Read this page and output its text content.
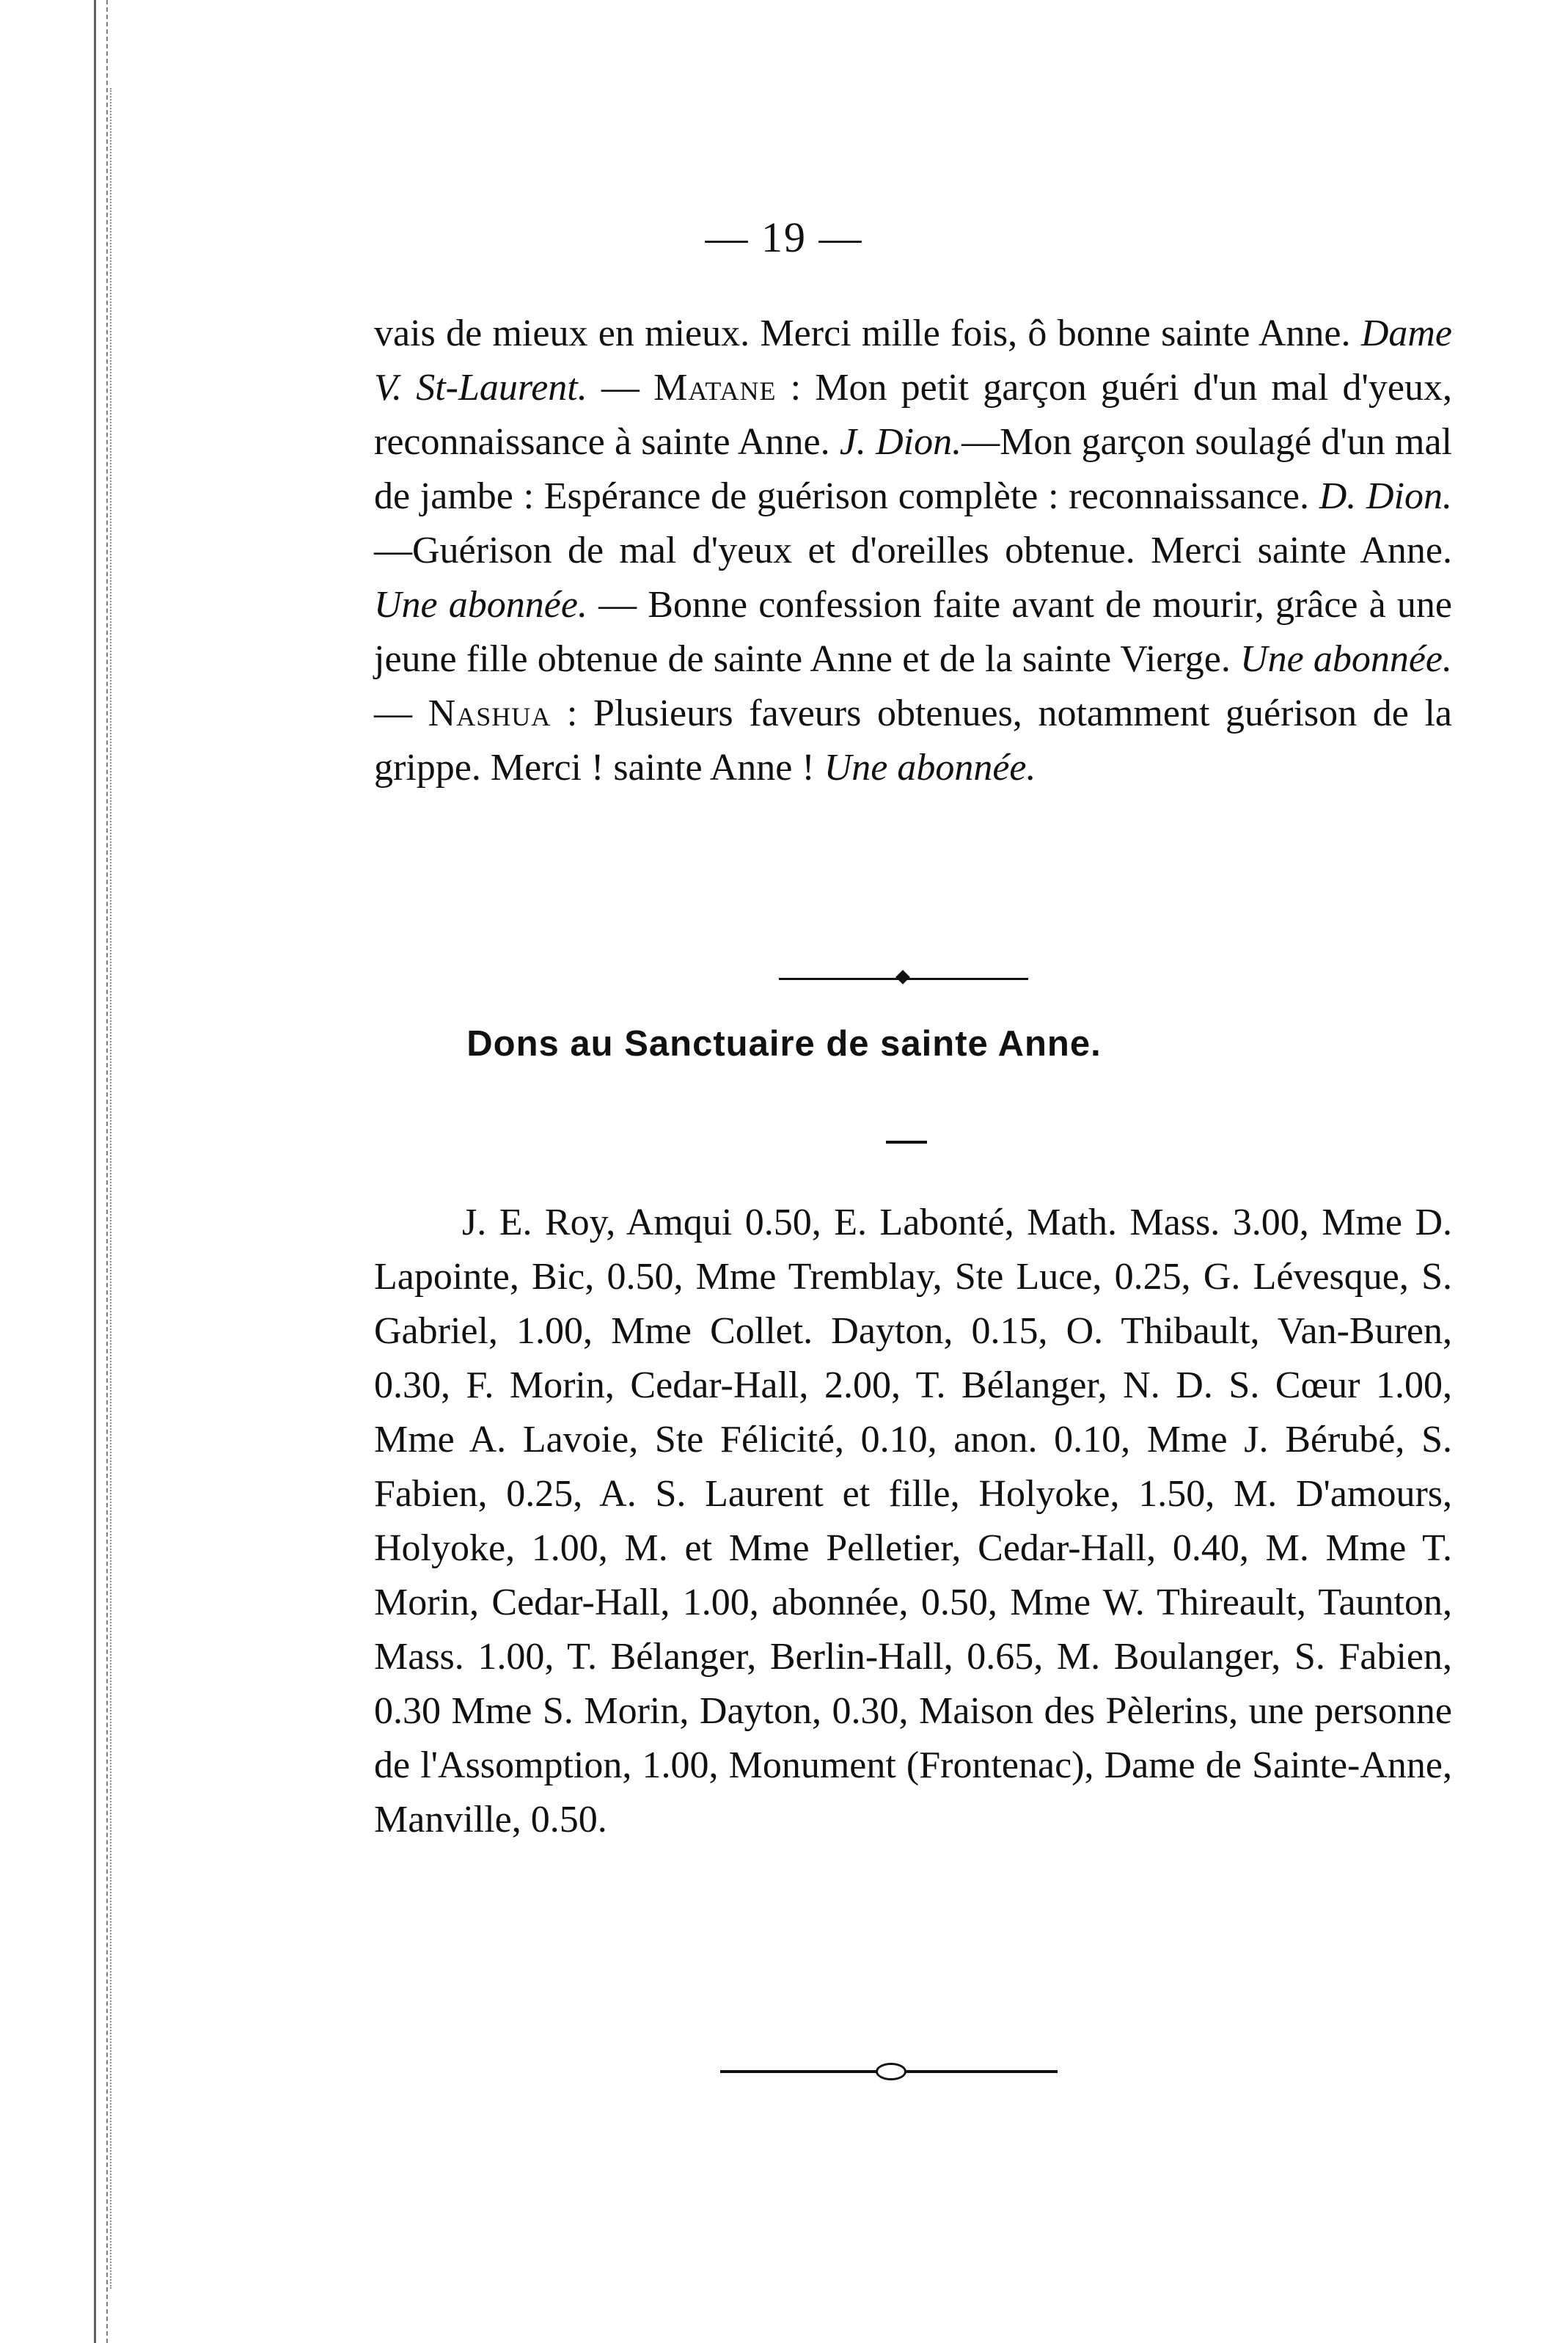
— 19 —

vais de mieux en mieux. Merci mille fois, ô bonne sainte Anne. Dame V. St-Laurent. — Matane : Mon petit garçon guéri d'un mal d'yeux, reconnaissance à sainte Anne. J. Dion.—Mon garçon soulagé d'un mal de jambe : Espérance de guérison complète : reconnaissance. D. Dion.—Guérison de mal d'yeux et d'oreilles obtenue. Merci sainte Anne. Une abonnée. — Bonne confession faite avant de mourir, grâce à une jeune fille obtenue de sainte Anne et de la sainte Vierge. Une abonnée. — Nashua : Plusieurs faveurs obtenues, notamment guérison de la grippe. Merci ! sainte Anne ! Une abonnée.

Dons au Sanctuaire de sainte Anne.

J. E. Roy, Amqui 0.50, E. Labonté, Math. Mass. 3.00, Mme D. Lapointe, Bic, 0.50, Mme Tremblay, Ste Luce, 0.25, G. Lévesque, S. Gabriel, 1.00, Mme Collet. Dayton, 0.15, O. Thibault, Van-Buren, 0.30, F. Morin, Cedar-Hall, 2.00, T. Bélanger, N. D. S. Cœur 1.00, Mme A. Lavoie, Ste Félicité, 0.10, anon. 0.10, Mme J. Bérubé, S. Fabien, 0.25, A. S. Laurent et fille, Holyoke, 1.50, M. D'amours, Holyoke, 1.00, M. et Mme Pelletier, Cedar-Hall, 0.40, M. Mme T. Morin, Cedar-Hall, 1.00, abonnée, 0.50, Mme W. Thireault, Taunton, Mass. 1.00, T. Bélanger, Berlin-Hall, 0.65, M. Boulanger, S. Fabien, 0.30 Mme S. Morin, Dayton, 0.30, Maison des Pèlerins, une personne de l'Assomption, 1.00, Monument (Frontenac), Dame de Sainte-Anne, Manville, 0.50.
